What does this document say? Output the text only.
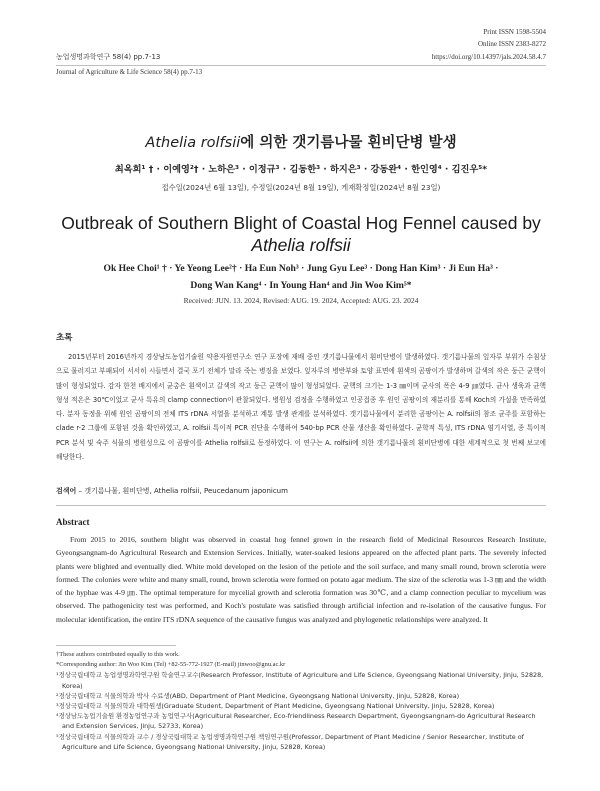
Print ISSN 1598-5504
Online ISSN 2383-8272
농업생명과학연구 58(4) pp.7-13	https://doi.org/10.14397/jals.2024.58.4.7
Journal of Agriculture & Life Science 58(4) pp.7-13
Athelia rolfsii에 의한 갯기름나물 흰비단병 발생
최옥희¹ † · 이예영²† · 노하은³ · 이정규³ · 김동한³ · 하지은³ · 강동완⁴ · 한인영⁴ · 김진우⁵*
접수일(2024년 6월 13일), 수정일(2024년 8월 19일), 게재확정일(2024년 8월 23일)
Outbreak of Southern Blight of Coastal Hog Fennel caused by
Athelia rolfsii
Ok Hee Choi¹ † · Ye Yeong Lee²† · Ha Eun Noh³ · Jung Gyu Lee³ · Dong Han Kim³ · Ji Eun Ha³ ·
Dong Wan Kang⁴ · In Young Han⁴ and Jin Woo Kim⁵*
Received: JUN. 13. 2024, Revised: AUG. 19. 2024, Accepted: AUG. 23. 2024
초록

2015년부터 2016년까지 경상남도농업기술원 약용자원연구소 연구 포장에 재배 중인 갯기름나물에서 흰비단병이 발생하였다. 갯기름나물의 잎자루 부위가 수침상으로 물러지고 부패되어 서서히 시들면서 결국 포기 전체가 말라 죽는 병징을 보였다. 잎자루의 병반부와 토양 표면에 흰색의 곰팡이가 발생하며 갈색의 작은 둥근 균핵이 많이 형성되었다. 감자 한천 배지에서 균총은 흰색이고 갈색의 작고 둥근 균핵이 많이 형성되었다. 균핵의 크기는 1-3 ㎜이며 균사의 폭은 4-9 ㎛였다. 균사 생육과 균핵 형성 적온은 30℃이었고 균사 특유의 clamp connection이 관찰되었다. 병원성 검정을 수행하였고 인공접종 후 원인 곰팡이의 재분리를 통해 Koch의 가설을 만족하였다. 분자 동정을 위해 원인 곰팡이의 전체 ITS rDNA 서열을 분석하고 계통 발생 관계를 분석하였다. 갯기름나물에서 분리한 곰팡이는 A. rolfsii의 참조 균주를 포함하는 clade r-2 그룹에 포함된 것을 확인하였고, A. rolfsii 특이적 PCR 진단을 수행하여 540-bp PCR 산물 생산을 확인하였다. 균학적 특성, ITS rDNA 염기서열, 종 특이적 PCR 분석 및 숙주 식물의 병원성으로 이 곰팡이를 Athelia rolfsii로 동정하였다. 이 연구는 A. rolfsii에 의한 갯기름나물의 흰비단병에 대한 세계적으로 첫 번째 보고에 해당한다.

검색어 – 갯기름나물, 흰비단병, Athelia rolfsii, Peucedanum japonicum
Abstract

From 2015 to 2016, southern blight was observed in coastal hog fennel grown in the research field of Medicinal Resources Research Institute, Gyeongsangnam-do Agricultural Research and Extension Services. Initially, water-soaked lesions appeared on the affected plant parts. The severely infected plants were blighted and eventually died. White mold developed on the lesion of the petiole and the soil surface, and many small round, brown sclerotia were formed. The colonies were white and many small, round, brown sclerotia were formed on potato agar medium. The size of the sclerotia was 1-3 ㎜ and the width of the hyphae was 4-9 ㎛. The optimal temperature for mycelial growth and sclerotia formation was 30℃, and a clamp connection peculiar to mycelium was observed. The pathogenicity test was performed, and Koch's postulate was satisfied through artificial infection and re-isolation of the causative fungus. For molecular identification, the entire ITS rDNA sequence of the causative fungus was analyzed and phylogenetic relationships were analyzed. It

†These authors contributed equally to this work.
*Corresponding author: Jin Woo Kim (Tel) +82-55-772-1927 (E-mail) jinwoo@gnu.ac.kr
¹경상국립대학교 농업생명과학연구원 학술연구교수(Research Professor, Institute of Agriculture and Life Science, Gyeongsang National University, Jinju, 52828, Korea)
²경상국립대학교 식물의학과 박사 수료생(ABD, Department of Plant Medicine, Gyeongsang National University, Jinju, 52828, Korea)
³경상국립대학교 식물의학과 대학원생(Graduate Student, Department of Plant Medicine, Gyeongsang National University, Jinju, 52828, Korea)
⁴경상남도농업기술원 환경농업연구과 농업연구사(Agricultural Researcher, Eco-friendliness Research Department, Gyeongsangnam-do Agricultural Research and Extension Services, Jinju, 52733, Korea)
⁵경상국립대학교 식물의학과 교수 / 경상국립대학교 농업생명과학연구원 책임연구원(Professor, Department of Plant Medicine / Senior Researcher, Institute of Agriculture and Life Science, Gyeongsang National University, Jinju, 52828, Korea)
